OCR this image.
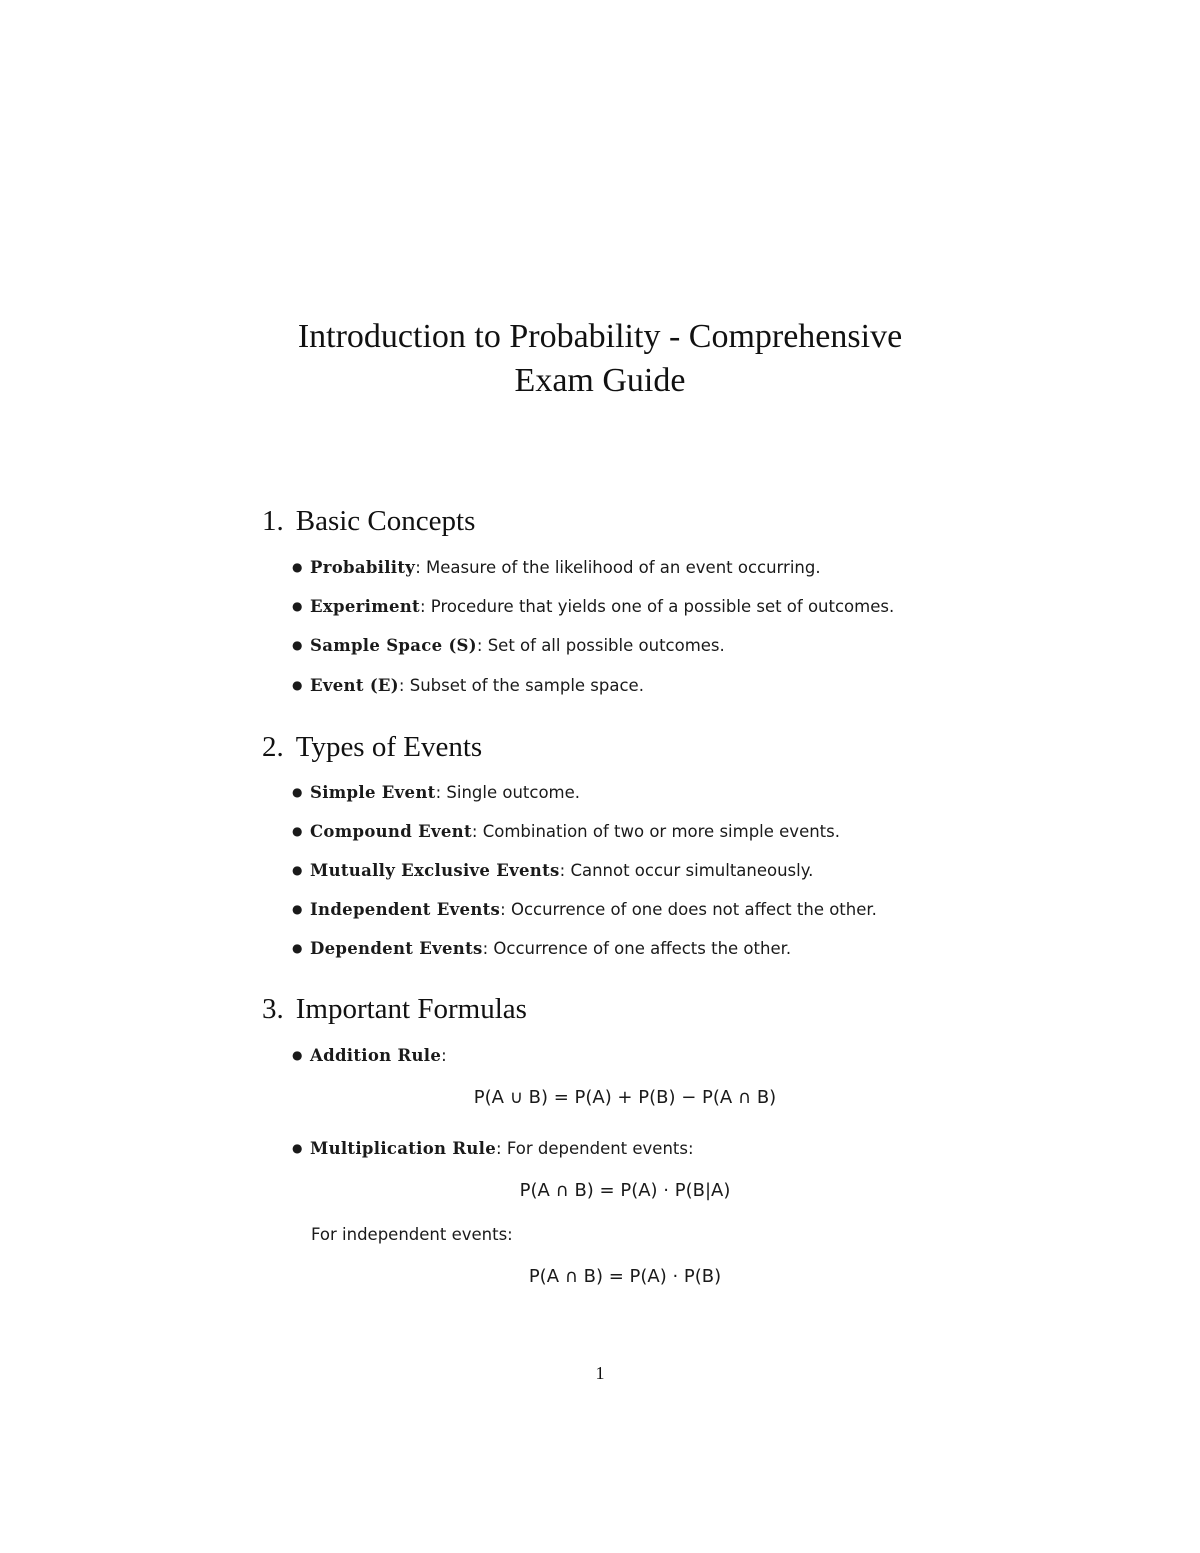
Introduction to Probability - Comprehensive
Exam Guide
1. Basic Concepts
● Probability: Measure of the likelihood of an event occurring.
● Experiment: Procedure that yields one of a possible set of outcomes.
● Sample Space (S): Set of all possible outcomes.
● Event (E): Subset of the sample space.
2. Types of Events
● Simple Event: Single outcome.
● Compound Event: Combination of two or more simple events.
● Mutually Exclusive Events: Cannot occur simultaneously.
● Independent Events: Occurrence of one does not affect the other.
● Dependent Events: Occurrence of one affects the other.
3. Important Formulas
● Addition Rule:
P(A ∪ B) = P(A) + P(B) − P(A ∩ B)
● Multiplication Rule: For dependent events:
P(A ∩ B) = P(A) · P(B|A)
For independent events:
P(A ∩ B) = P(A) · P(B)
1
